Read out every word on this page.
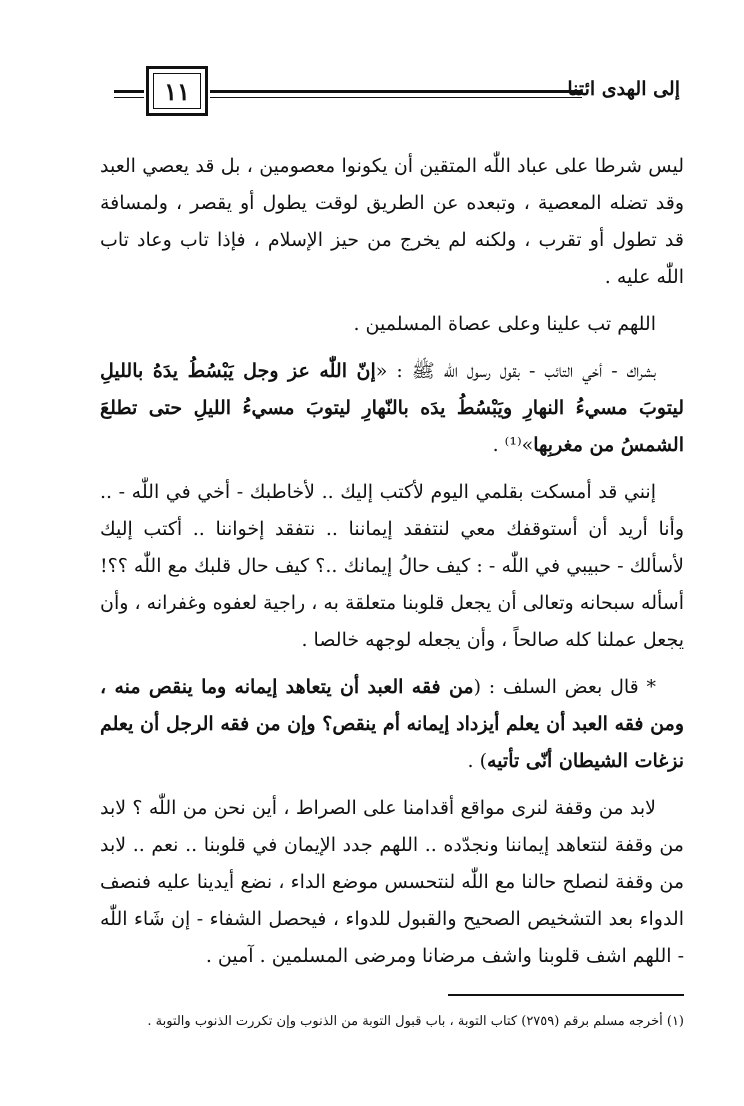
١١	إلى الهدى ائتنا

ليس شرطا على عباد اللّٰه المتقين أن يكونوا معصومين ، بل قد يعصي العبد وقد تضله المعصية ، وتبعده عن الطريق لوقت يطول أو يقصر ، ولمسافة قد تطول أو تقرب ، ولكنه لم يخرج من حيز الإسلام ، فإذا تاب وعاد تاب اللّٰه عليه .

اللهم تب علينا وعلى عصاة المسلمين .

بشراك - أخي التائب - بقول رسول اللّٰه ﷺ : «إنّ اللّٰه عز وجل يَبْسُطُ يدَهُ بالليلِ ليتوبَ مسيءُ النهارِ ويَبْسُطُ يدَه بالنّهارِ ليتوبَ مسيءُ الليلِ حتى تطلعَ الشمسُ من مغربِها»⁽¹⁾ .

إنني قد أمسكت بقلمي اليوم لأكتب إليك .. لأخاطبك - أخي في اللّٰه - .. وأنا أريد أن أستوقفك معي لنتفقد إيماننا .. نتفقد إخواننا .. أكتب إليك لأسألك - حبيبي في اللّٰه - : كيف حالُ إيمانك ..؟ كيف حال قلبك مع اللّٰه ؟؟! أسأله سبحانه وتعالى أن يجعل قلوبنا متعلقة به ، راجية لعفوه وغفرانه ، وأن يجعل عملنا كله صالحاً ، وأن يجعله لوجهه خالصا .

* قال بعض السلف : (من فقه العبد أن يتعاهد إيمانه وما ينقص منه ، ومن فقه العبد أن يعلم أيزداد إيمانه أم ينقص؟ وإن من فقه الرجل أن يعلم نزغات الشيطان أنّى تأتيه) .

لابد من وقفة لنرى مواقع أقدامنا على الصراط ، أين نحن من اللّٰه ؟ لابد من وقفة لنتعاهد إيماننا ونجدّده .. اللهم جدد الإيمان في قلوبنا .. نعم .. لابد من وقفة لنصلح حالنا مع اللّٰه لنتحسس موضع الداء ، نضع أيدينا عليه فنصف الدواء بعد التشخيص الصحيح والقبول للدواء ، فيحصل الشفاء - إن شَاء اللّٰه - اللهم اشف قلوبنا واشف مرضانا ومرضى المسلمين . آمين .

(١) أخرجه مسلم برقم (٢٧٥٩) كتاب التوبة ، باب قبول التوبة من الذنوب وإن تكررت الذنوب والتوبة .
